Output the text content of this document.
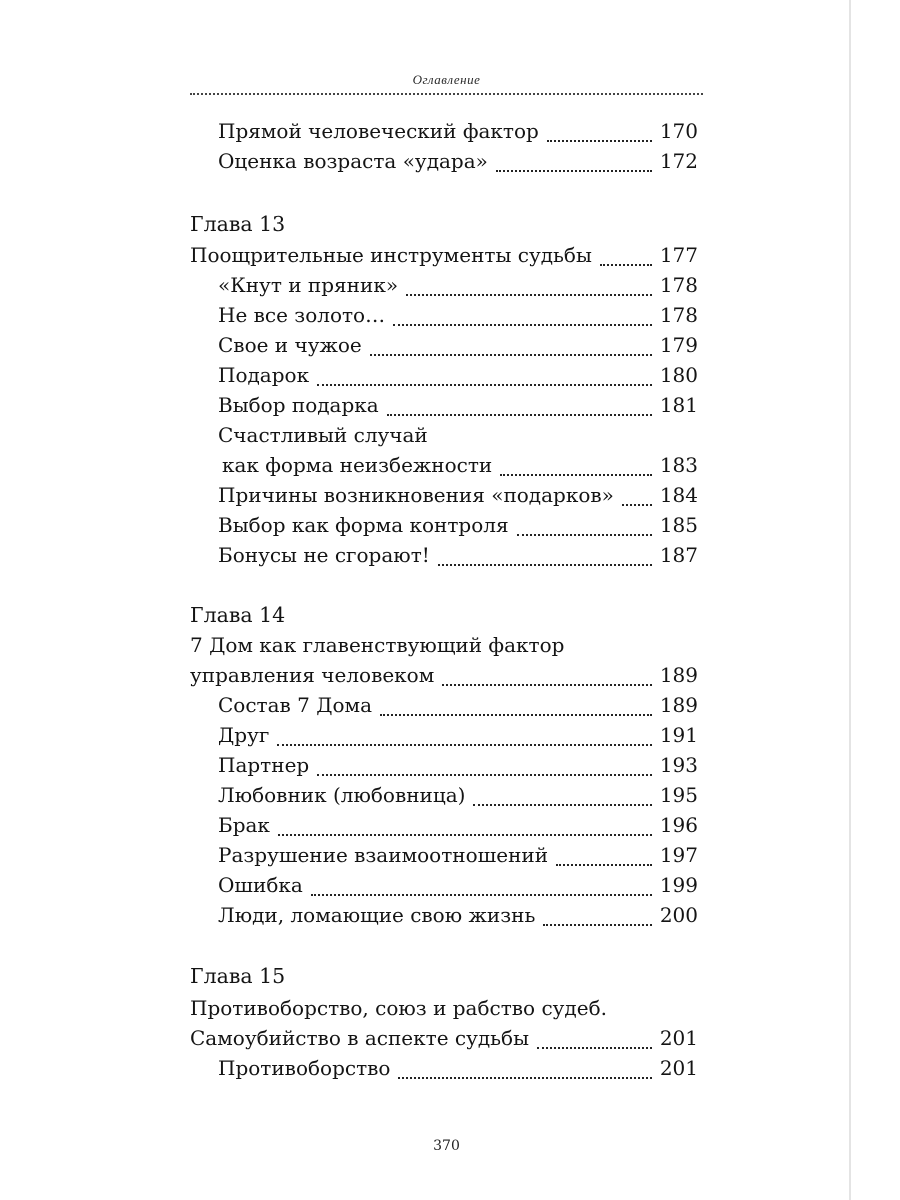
Оглавление
Прямой человеческий фактор	170
Оценка возраста «удара»	172
Глава 13
Поощрительные инструменты судьбы	177
«Кнут и пряник»	178
Не все золото…	178
Свое и чужое	179
Подарок	180
Выбор подарка	181
Счастливый случай
как форма неизбежности	183
Причины возникновения «подарков» 184
Выбор как форма контроля	185
Бонусы не сгорают!	187
Глава 14
7 Дом как главенствующий фактор
управления человеком	189
Состав 7 Дома	189
Друг	191
Партнер	193
Любовник (любовница)	195
Брак	196
Разрушение взаимоотношений	197
Ошибка	199
Люди, ломающие свою жизнь	200
Глава 15
Противоборство, союз и рабство судеб.
Самоубийство в аспекте судьбы	201
Противоборство	201
370
